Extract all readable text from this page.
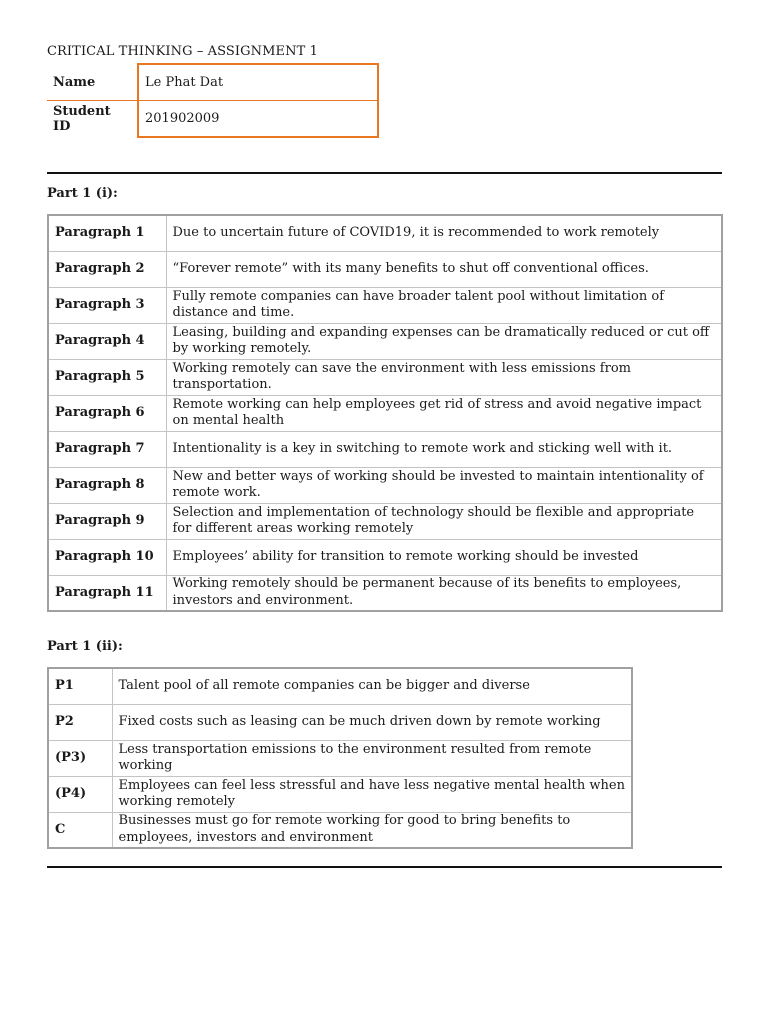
CRITICAL THINKING – ASSIGNMENT 1
Name	Le Phat Dat
Student ID	201902009
Part 1 (i):
Paragraph 1	Due to uncertain future of COVID19, it is recommended to work remotely
Paragraph 2	“Forever remote” with its many benefits to shut off conventional offices.
Paragraph 3	Fully remote companies can have broader talent pool without limitation of distance and time.
Paragraph 4	Leasing, building and expanding expenses can be dramatically reduced or cut off by working remotely.
Paragraph 5	Working remotely can save the environment with less emissions from transportation.
Paragraph 6	Remote working can help employees get rid of stress and avoid negative impact on mental health
Paragraph 7	Intentionality is a key in switching to remote work and sticking well with it.
Paragraph 8	New and better ways of working should be invested to maintain intentionality of remote work.
Paragraph 9	Selection and implementation of technology should be flexible and appropriate for different areas working remotely
Paragraph 10	Employees’ ability for transition to remote working should be invested
Paragraph 11	Working remotely should be permanent because of its benefits to employees, investors and environment.
Part 1 (ii):
P1	Talent pool of all remote companies can be bigger and diverse
P2	Fixed costs such as leasing can be much driven down by remote working
(P3)	Less transportation emissions to the environment resulted from remote working
(P4)	Employees can feel less stressful and have less negative mental health when working remotely
C	Businesses must go for remote working for good to bring benefits to employees, investors and environment
